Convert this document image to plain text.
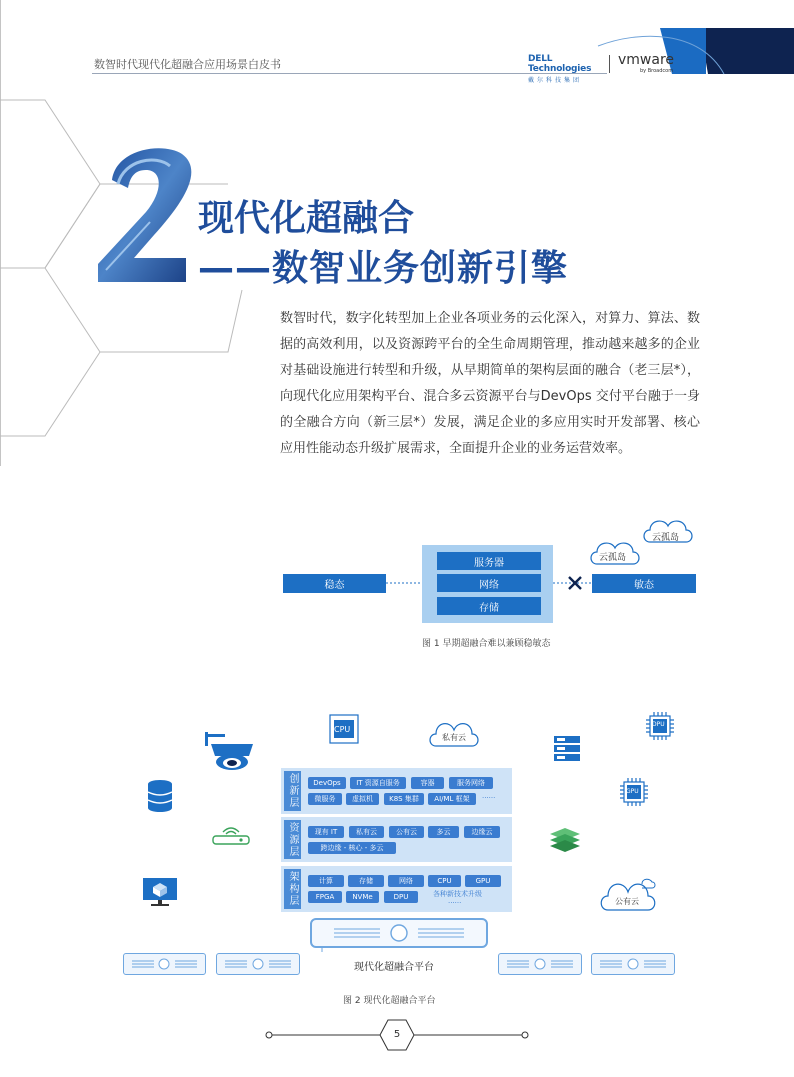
数智时代现代化超融合应用场景白皮书	DELL Technologies
戴尔科技集团
vmware
by Broadcom
现代化超融合
——数智业务创新引擎
数智时代，数字化转型加上企业各项业务的云化深入，对算力、算法、数据的高效利用，以及资源跨平台的全生命周期管理，推动越来越多的企业对基础设施进行转型和升级，从早期简单的架构层面的融合（老三层*），向现代化应用架构平台、混合多云资源平台与DevOps 交付平台融于一身的全融合方向（新三层*）发展，满足企业的多应用实时开发部署、核心应用性能动态升级扩展需求，全面提升企业的业务运营效率。
稳态
服务器
网络
存储
敏态
云孤岛
云孤岛
图 1 早期超融合难以兼顾稳敏态
CPU
私有云
DPU
GPU
公有云
创新层	DevOps	IT 资源自服务	容器	服务网络
微服务	虚拟机	K8S 集群	AI/ML 框架	......
资源层	现有 IT	私有云	公有云	多云	边缘云
跨边缘 - 核心 - 多云
架构层	计算	存储	网络	CPU	GPU
FPGA	NVMe	DPU	各种新技术升级
......
现代化超融合平台
图 2 现代化超融合平台
5
